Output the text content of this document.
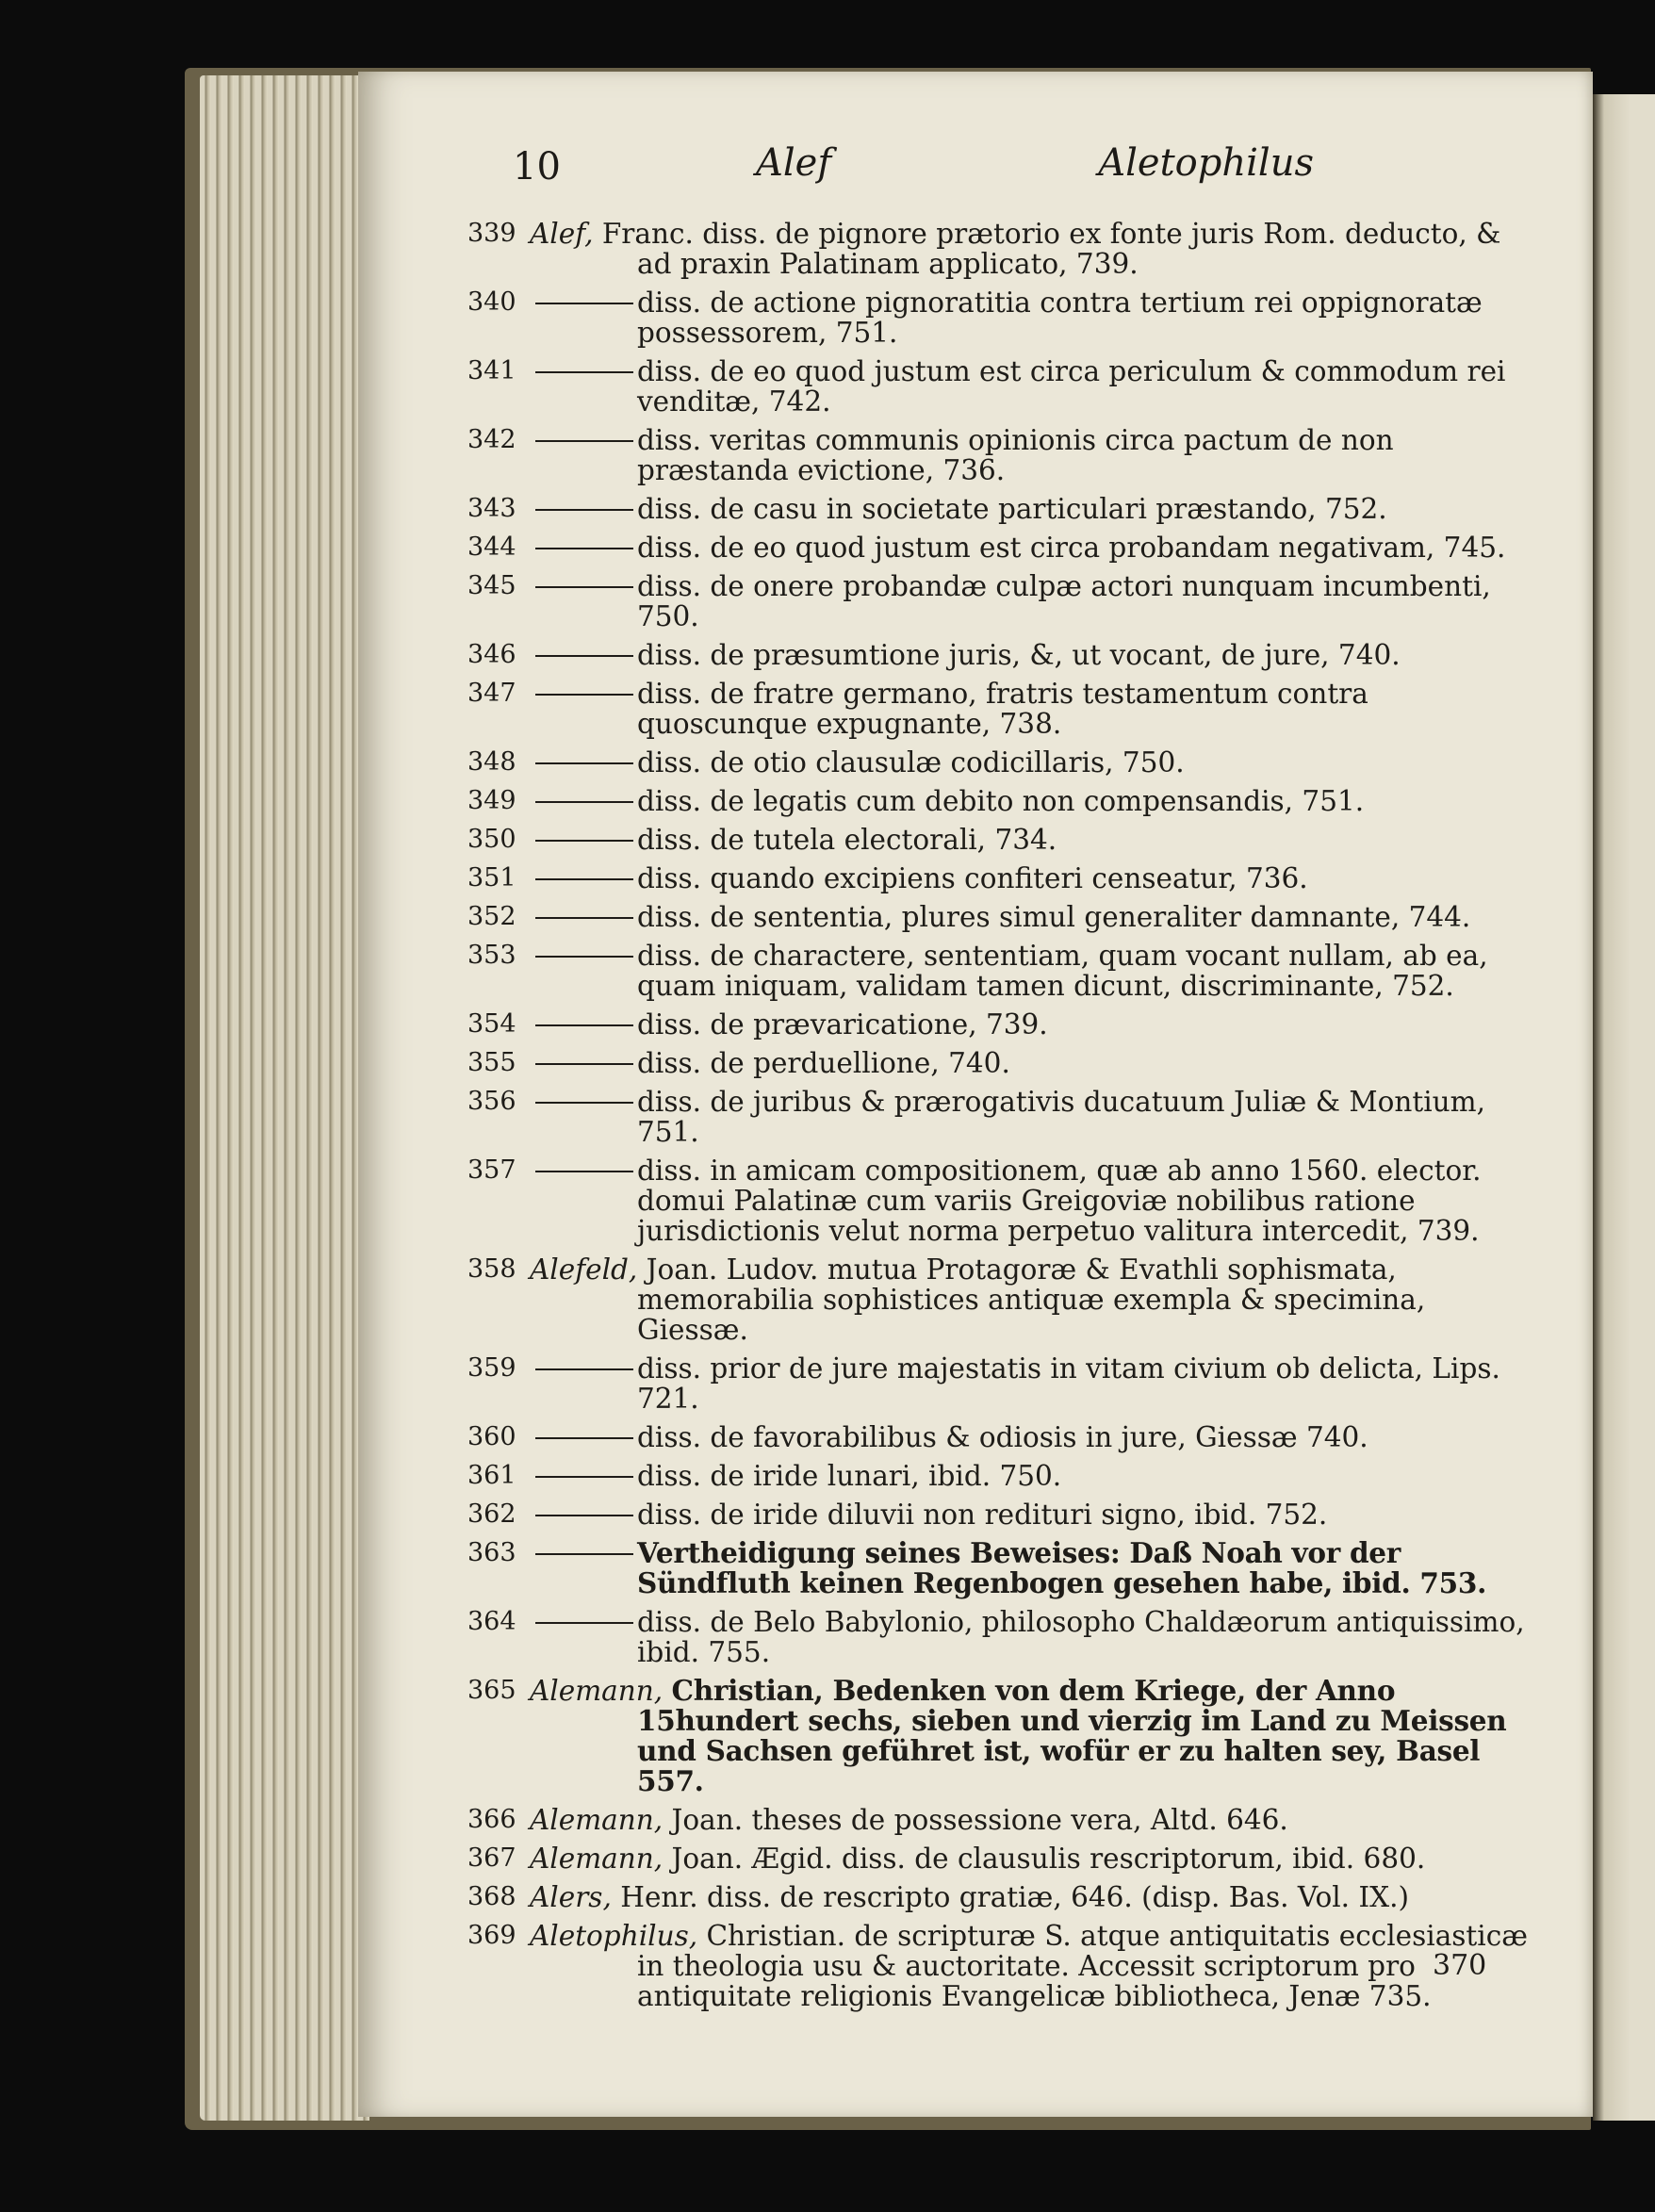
10	Alef	Aletophilus
339 Alef, Franc. diss. de pignore prætorio ex fonte juris Rom. deducto, & ad praxin Palatinam applicato, 739.
340	diss. de actione pignoratitia contra tertium rei oppignoratæ possessorem, 751.
341	diss. de eo quod justum est circa periculum & commodum rei venditæ, 742.
342	diss. veritas communis opinionis circa pactum de non præstanda evictione, 736.
343	diss. de casu in societate particulari præstando, 752.
344	diss. de eo quod justum est circa probandam negativam, 745.
345	diss. de onere probandæ culpæ actori nunquam incumbenti, 750.
346	diss. de præsumtione juris, &, ut vocant, de jure, 740.
347	diss. de fratre germano, fratris testamentum contra quoscunque expugnante, 738.
348	diss. de otio clausulæ codicillaris, 750.
349	diss. de legatis cum debito non compensandis, 751.
350	diss. de tutela electorali, 734.
351	diss. quando excipiens confiteri censeatur, 736.
352	diss. de sententia, plures simul generaliter damnante, 744.
353	diss. de charactere, sententiam, quam vocant nullam, ab ea, quam iniquam, validam tamen dicunt, discriminante, 752.
354	diss. de prævaricatione, 739.
355	diss. de perduellione, 740.
356	diss. de juribus & prærogativis ducatuum Juliæ & Montium, 751.
357	diss. in amicam compositionem, quæ ab anno 1560. elector. domui Palatinæ cum variis Greigoviæ nobilibus ratione jurisdictionis velut norma perpetuo valitura intercedit, 739.
358 Alefeld, Joan. Ludov. mutua Protagoræ & Evathli sophismata, memorabilia sophistices antiquæ exempla & specimina, Giessæ.
359	diss. prior de jure majestatis in vitam civium ob delicta, Lips. 721.
360	diss. de favorabilibus & odiosis in jure, Giessæ 740.
361	diss. de iride lunari, ibid. 750.
362	diss. de iride diluvii non redituri signo, ibid. 752.
363	Vertheidigung seines Beweises: Daß Noah vor der Sündfluth keinen Regenbogen gesehen habe, ibid. 753.
364	diss. de Belo Babylonio, philosopho Chaldæorum antiquissimo, ibid. 755.
365 Alemann, Christian, Bedenken von dem Kriege, der Anno 15hundert sechs, sieben und vierzig im Land zu Meissen und Sachsen geführet ist, wofür er zu halten sey, Basel 557.
366 Alemann, Joan. theses de possessione vera, Altd. 646.
367 Alemann, Joan. Ægid. diss. de clausulis rescriptorum, ibid. 680.
368 Alers, Henr. diss. de rescripto gratiæ, 646. (disp. Bas. Vol. IX.)
369 Aletophilus, Christian. de scripturæ S. atque antiquitatis ecclesiasticæ in theologia usu & auctoritate. Accessit scriptorum pro antiquitate religionis Evangelicæ bibliotheca, Jenæ 735.
370
